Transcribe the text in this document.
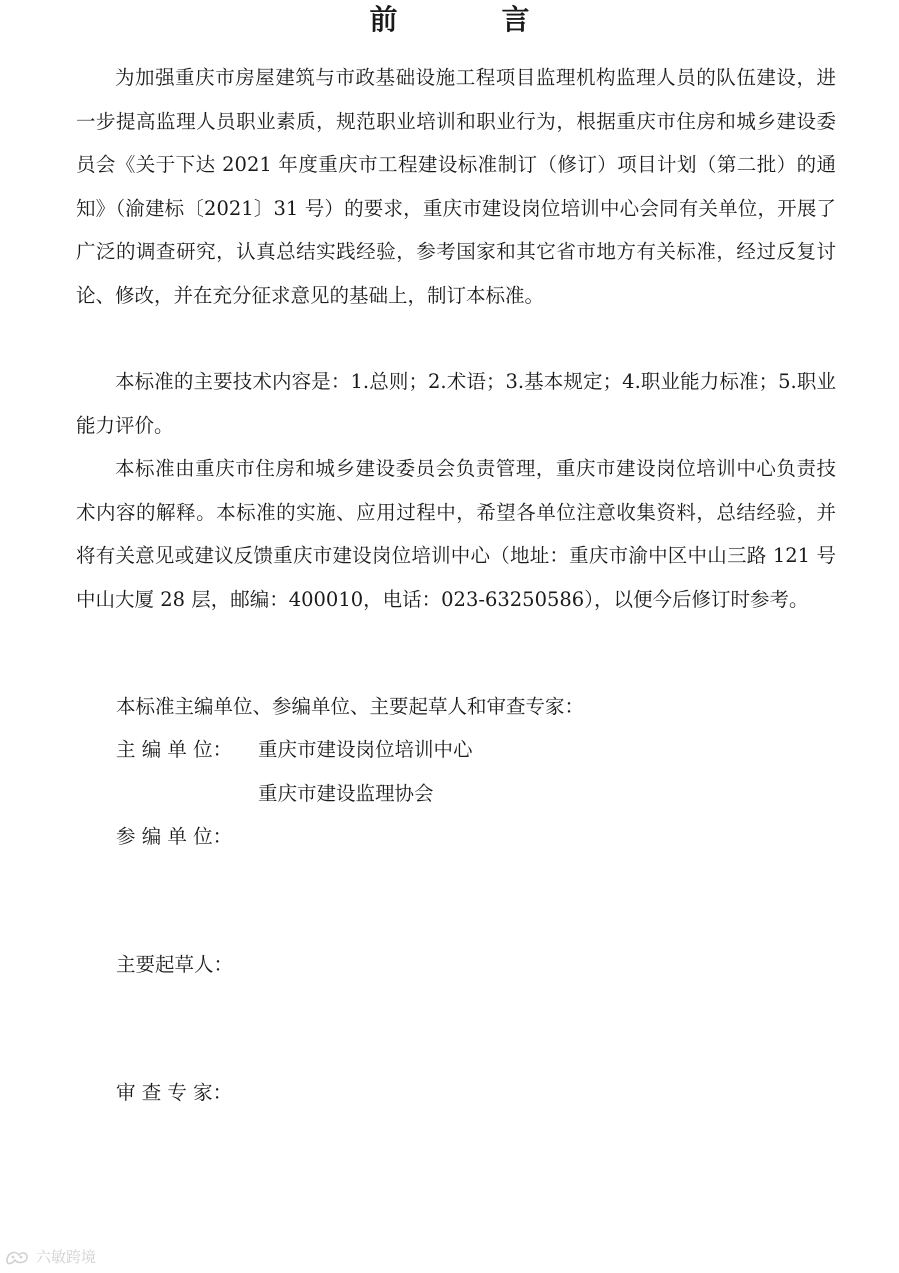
前　言

为加强重庆市房屋建筑与市政基础设施工程项目监理机构监理人员的队伍建设，进一步提高监理人员职业素质，规范职业培训和职业行为，根据重庆市住房和城乡建设委员会《关于下达 2021 年度重庆市工程建设标准制订（修订）项目计划（第二批）的通知》（渝建标〔2021〕31 号）的要求，重庆市建设岗位培训中心会同有关单位，开展了广泛的调查研究，认真总结实践经验，参考国家和其它省市地方有关标准，经过反复讨论、修改，并在充分征求意见的基础上，制订本标准。

本标准的主要技术内容是：1.总则；2.术语；3.基本规定；4.职业能力标准；5.职业能力评价。

本标准由重庆市住房和城乡建设委员会负责管理，重庆市建设岗位培训中心负责技术内容的解释。本标准的实施、应用过程中，希望各单位注意收集资料，总结经验，并将有关意见或建议反馈重庆市建设岗位培训中心（地址：重庆市渝中区中山三路 121 号中山大厦 28 层，邮编：400010，电话：023-63250586），以便今后修订时参考。

本标准主编单位、参编单位、主要起草人和审查专家：
主 编 单 位： 重庆市建设岗位培训中心
重庆市建设监理协会
参 编 单 位：
主要起草人：
审 查 专 家：
六敏跨境
